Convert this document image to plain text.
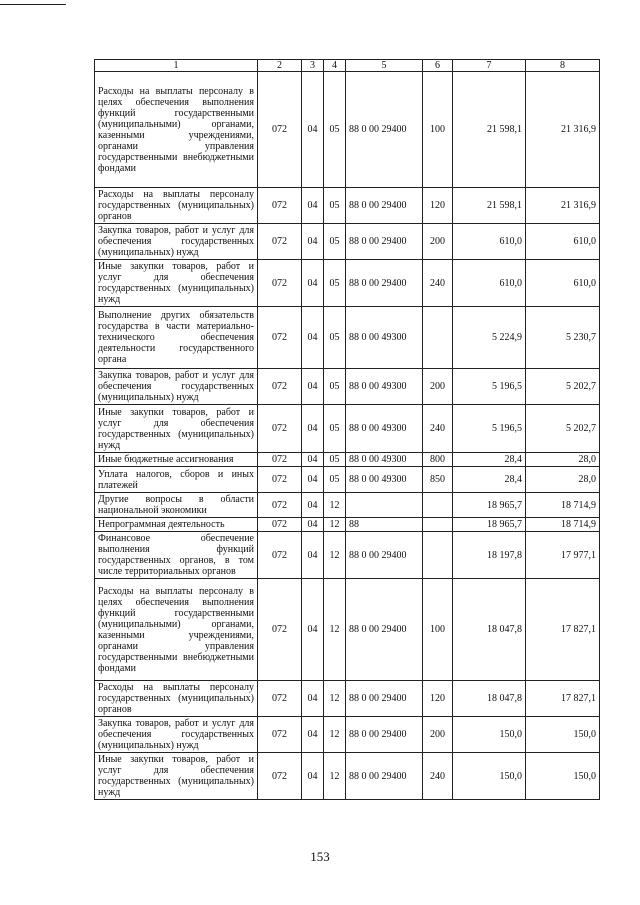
1	2	3	4	5	6	7	8
Расходы на выплаты персоналу в целях обеспечения выполнения функций государственными (муниципальными) органами, казенными учреждениями, органами управления государственными внебюджетными фондами	072	04	05	88 0 00 29400	100	21 598,1	21 316,9
Расходы на выплаты персоналу государственных (муниципальных) органов	072	04	05	88 0 00 29400	120	21 598,1	21 316,9
Закупка товаров, работ и услуг для обеспечения государственных (муниципальных) нужд	072	04	05	88 0 00 29400	200	610,0	610,0
Иные закупки товаров, работ и услуг для обеспечения государственных (муниципальных) нужд	072	04	05	88 0 00 29400	240	610,0	610,0
Выполнение других обязательств государства в части материально-технического обеспечения деятельности государственного органа	072	04	05	88 0 00 49300		5 224,9	5 230,7
Закупка товаров, работ и услуг для обеспечения государственных (муниципальных) нужд	072	04	05	88 0 00 49300	200	5 196,5	5 202,7
Иные закупки товаров, работ и услуг для обеспечения государственных (муниципальных) нужд	072	04	05	88 0 00 49300	240	5 196,5	5 202,7
Иные бюджетные ассигнования	072	04	05	88 0 00 49300	800	28,4	28,0
Уплата налогов, сборов и иных платежей	072	04	05	88 0 00 49300	850	28,4	28,0
Другие вопросы в области национальной экономики	072	04	12			18 965,7	18 714,9
Непрограммная деятельность	072	04	12	88		18 965,7	18 714,9
Финансовое обеспечение выполнения функций государственных органов, в том числе территориальных органов	072	04	12	88 0 00 29400		18 197,8	17 977,1
Расходы на выплаты персоналу в целях обеспечения выполнения функций государственными (муниципальными) органами, казенными учреждениями, органами управления государственными внебюджетными фондами	072	04	12	88 0 00 29400	100	18 047,8	17 827,1
Расходы на выплаты персоналу государственных (муниципальных) органов	072	04	12	88 0 00 29400	120	18 047,8	17 827,1
Закупка товаров, работ и услуг для обеспечения государственных (муниципальных) нужд	072	04	12	88 0 00 29400	200	150,0	150,0
Иные закупки товаров, работ и услуг для обеспечения государственных (муниципальных) нужд	072	04	12	88 0 00 29400	240	150,0	150,0
153
